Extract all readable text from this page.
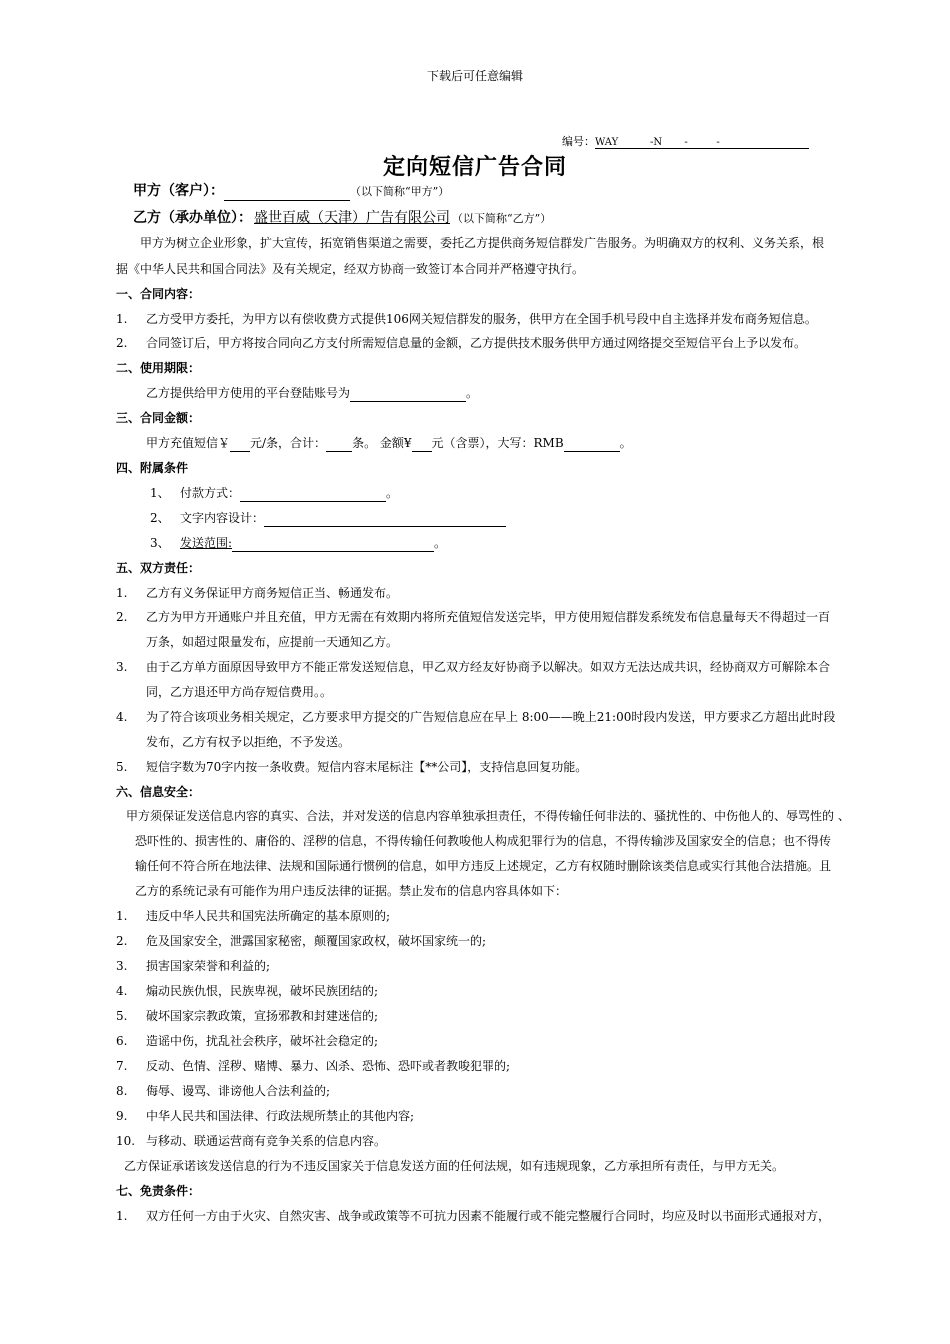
下载后可任意编辑
编号：WAY          -N       -         -
定向短信广告合同
甲方（客户）：	（以下简称“甲方”）
乙方（承办单位）： 盛世百威（天津）广告有限公司 （以下简称“乙方”）
甲方为树立企业形象，扩大宣传，拓宽销售渠道之需要，委托乙方提供商务短信群发广告服务。为明确双方的权利、义务关系，根
据《中华人民共和国合同法》及有关规定，经双方协商一致签订本合同并严格遵守执行。
一、合同内容：
1. 乙方受甲方委托，为甲方以有偿收费方式提供106网关短信群发的服务，供甲方在全国手机号段中自主选择并发布商务短信息。
2. 合同签订后，甲方将按合同向乙方支付所需短信息量的金额，乙方提供技术服务供甲方通过网络提交至短信平台上予以发布。
二、使用期限：
乙方提供给甲方使用的平台登陆账号为	。
三、合同金额：
甲方充值短信￥ 元/条，合计： 条。 金额¥ 元（含票），大写：RMB	。
四、附属条件
1、 付款方式：	。
2、 文字内容设计：
3、 发送范围:	。
五、双方责任：
1. 乙方有义务保证甲方商务短信正当、畅通发布。
2. 乙方为甲方开通账户并且充值，甲方无需在有效期内将所充值短信发送完毕，甲方使用短信群发系统发布信息量每天不得超过一百
万条，如超过限量发布，应提前一天通知乙方。
3. 由于乙方单方面原因导致甲方不能正常发送短信息，甲乙双方经友好协商予以解决。如双方无法达成共识，经协商双方可解除本合
同，乙方退还甲方尚存短信费用。。
4. 为了符合该项业务相关规定，乙方要求甲方提交的广告短信息应在早上 8:00——晚上21:00时段内发送，甲方要求乙方超出此时段
发布，乙方有权予以拒绝，不予发送。
5. 短信字数为70字内按一条收费。短信内容末尾标注【**公司】，支持信息回复功能。
六、信息安全：
甲方须保证发送信息内容的真实、合法，并对发送的信息内容单独承担责任，不得传输任何非法的、骚扰性的、中伤他人的、辱骂性的 、
恐吓性的、损害性的、庸俗的、淫秽的信息，不得传输任何教唆他人构成犯罪行为的信息，不得传输涉及国家安全的信息；也不得传
输任何不符合所在地法律、法规和国际通行惯例的信息，如甲方违反上述规定，乙方有权随时删除该类信息或实行其他合法措施。且
乙方的系统记录有可能作为用户违反法律的证据。禁止发布的信息内容具体如下：
1. 违反中华人民共和国宪法所确定的基本原则的;
2. 危及国家安全，泄露国家秘密，颠覆国家政权，破坏国家统一的;
3. 损害国家荣誉和利益的;
4. 煽动民族仇恨，民族卑视，破坏民族团结的;
5. 破坏国家宗教政策，宣扬邪教和封建迷信的;
6. 造谣中伤，扰乱社会秩序，破坏社会稳定的;
7. 反动、色情、淫秽、赌博、暴力、凶杀、恐怖、恐吓或者教唆犯罪的;
8. 侮辱、谩骂、诽谤他人合法利益的;
9. 中华人民共和国法律、行政法规所禁止的其他内容;
10. 与移动、联通运营商有竞争关系的信息内容。
乙方保证承诺该发送信息的行为不违反国家关于信息发送方面的任何法规，如有违规现象，乙方承担所有责任，与甲方无关。
七、免责条件：
1. 双方任何一方由于火灾、自然灾害、战争或政策等不可抗力因素不能履行或不能完整履行合同时，均应及时以书面形式通报对方，
